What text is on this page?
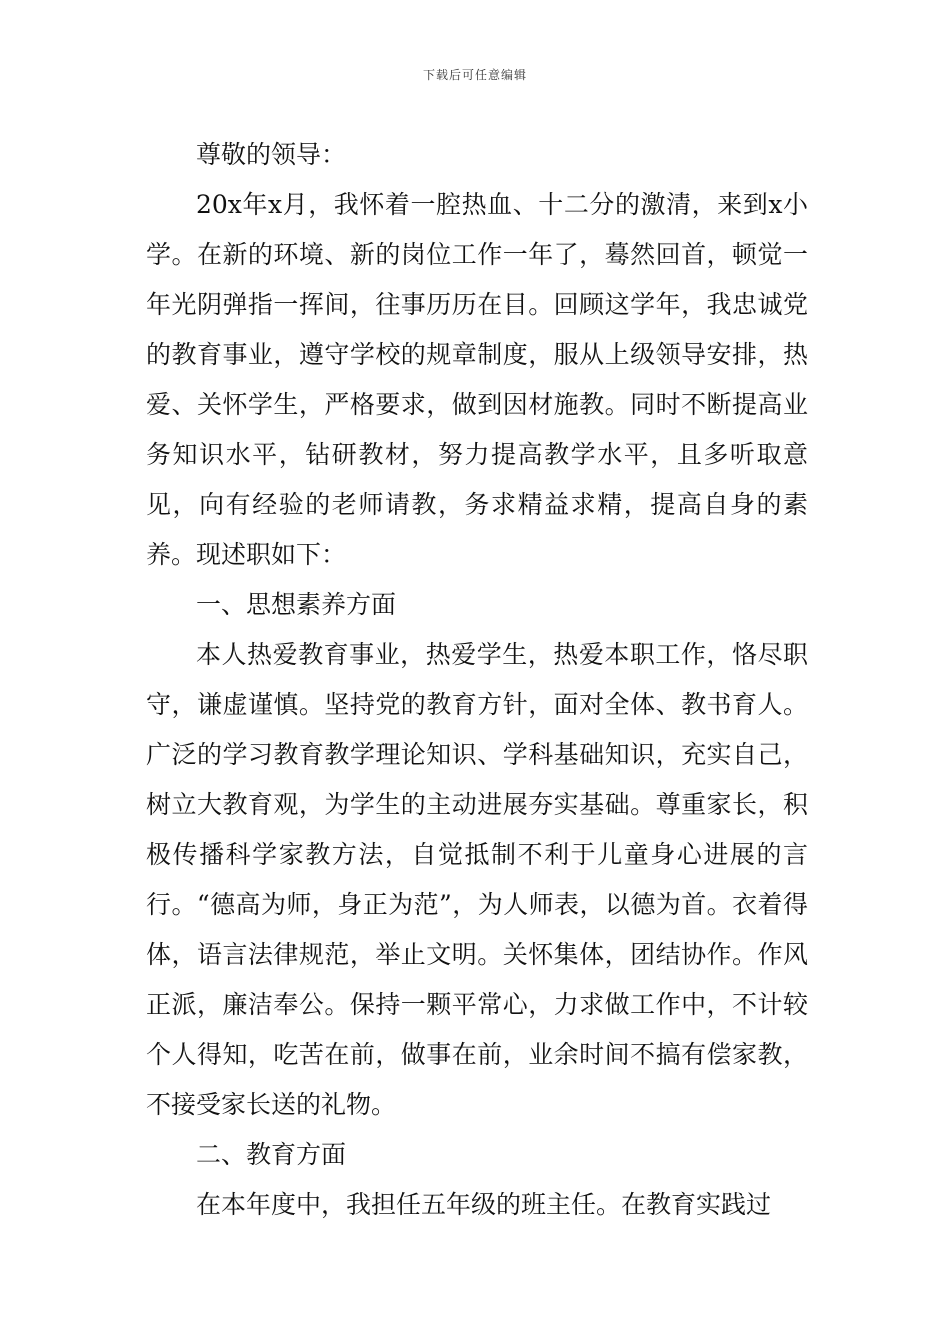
下载后可任意编辑

尊敬的领导：

20x年x月，我怀着一腔热血、十二分的激清，来到x小学。在新的环境、新的岗位工作一年了，蓦然回首，顿觉一年光阴弹指一挥间，往事历历在目。回顾这学年，我忠诚党的教育事业，遵守学校的规章制度，服从上级领导安排，热爱、关怀学生，严格要求，做到因材施教。同时不断提高业务知识水平，钻研教材，努力提高教学水平，且多听取意见，向有经验的老师请教，务求精益求精，提高自身的素养。现述职如下：

一、思想素养方面

本人热爱教育事业，热爱学生，热爱本职工作，恪尽职守，谦虚谨慎。坚持党的教育方针，面对全体、教书育人。广泛的学习教育教学理论知识、学科基础知识，充实自己，树立大教育观，为学生的主动进展夯实基础。尊重家长，积极传播科学家教方法，自觉抵制不利于儿童身心进展的言行。“德高为师，身正为范”，为人师表，以德为首。衣着得体，语言法律规范，举止文明。关怀集体，团结协作。作风正派，廉洁奉公。保持一颗平常心，力求做工作中，不计较个人得知，吃苦在前，做事在前，业余时间不搞有偿家教，不接受家长送的礼物。

二、教育方面

在本年度中，我担任五年级的班主任。在教育实践过
